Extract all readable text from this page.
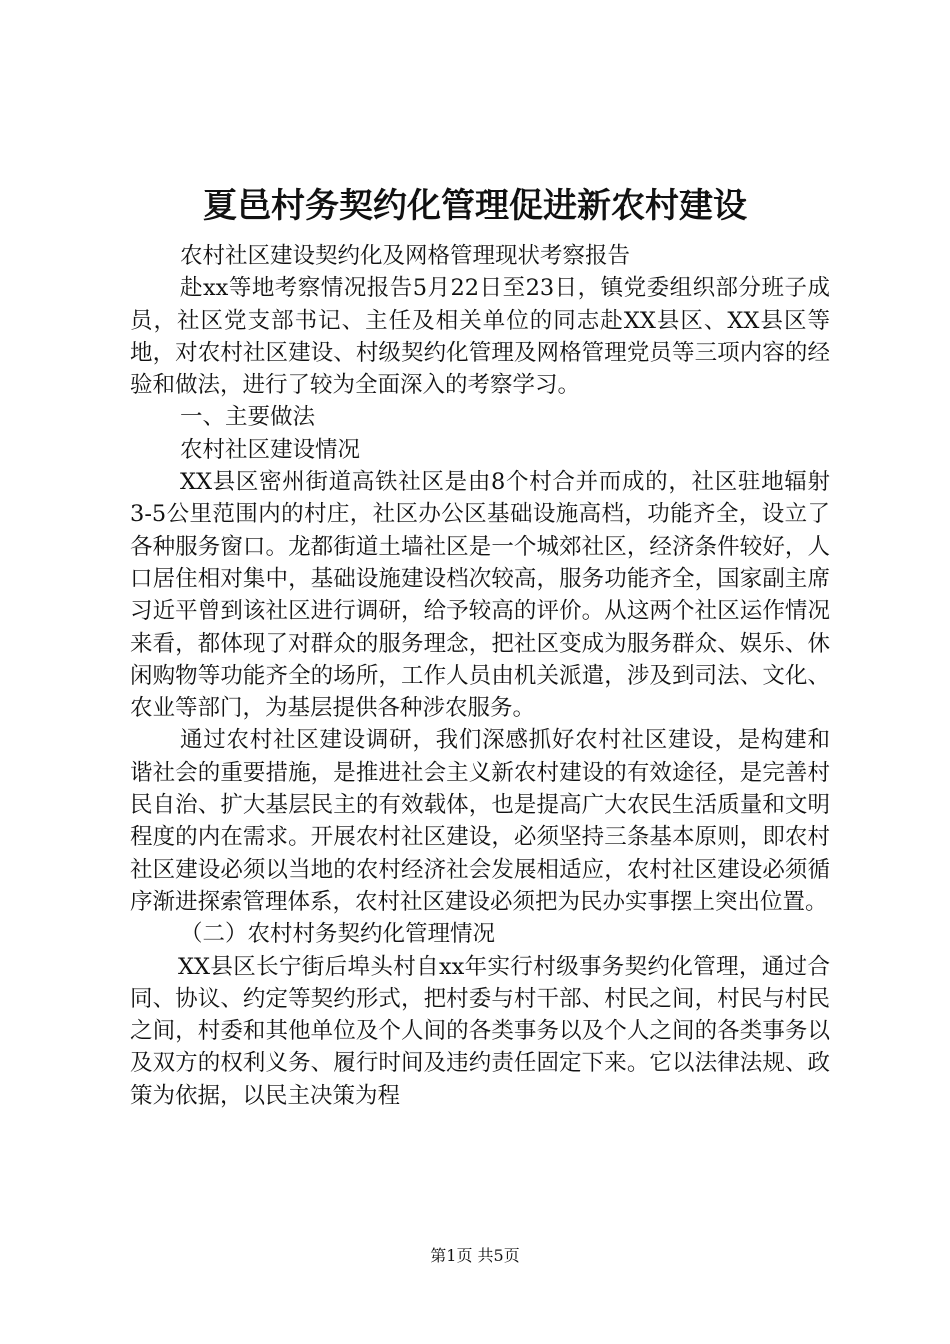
夏邑村务契约化管理促进新农村建设

农村社区建设契约化及网格管理现状考察报告

赴xx等地考察情况报告5月22日至23日，镇党委组织部分班子成员，社区党支部书记、主任及相关单位的同志赴XX县区、XX县区等地，对农村社区建设、村级契约化管理及网格管理党员等三项内容的经验和做法，进行了较为全面深入的考察学习。

一、主要做法

农村社区建设情况

XX县区密州街道高铁社区是由8个村合并而成的，社区驻地辐射3-5公里范围内的村庄，社区办公区基础设施高档，功能齐全，设立了各种服务窗口。龙都街道土墙社区是一个城郊社区，经济条件较好，人口居住相对集中，基础设施建设档次较高，服务功能齐全，国家副主席习近平曾到该社区进行调研，给予较高的评价。从这两个社区运作情况来看，都体现了对群众的服务理念，把社区变成为服务群众、娱乐、休闲购物等功能齐全的场所，工作人员由机关派遣，涉及到司法、文化、农业等部门，为基层提供各种涉农服务。

通过农村社区建设调研，我们深感抓好农村社区建设，是构建和谐社会的重要措施，是推进社会主义新农村建设的有效途径，是完善村民自治、扩大基层民主的有效载体，也是提高广大农民生活质量和文明程度的内在需求。开展农村社区建设，必须坚持三条基本原则，即农村社区建设必须以当地的农村经济社会发展相适应，农村社区建设必须循序渐进探索管理体系，农村社区建设必须把为民办实事摆上突出位置。

（二）农村村务契约化管理情况

XX县区长宁街后埠头村自xx年实行村级事务契约化管理，通过合同、协议、约定等契约形式，把村委与村干部、村民之间，村民与村民之间，村委和其他单位及个人间的各类事务以及个人之间的各类事务以及双方的权利义务、履行时间及违约责任固定下来。它以法律法规、政策为依据，以民主决策为程

第1页 共5页
